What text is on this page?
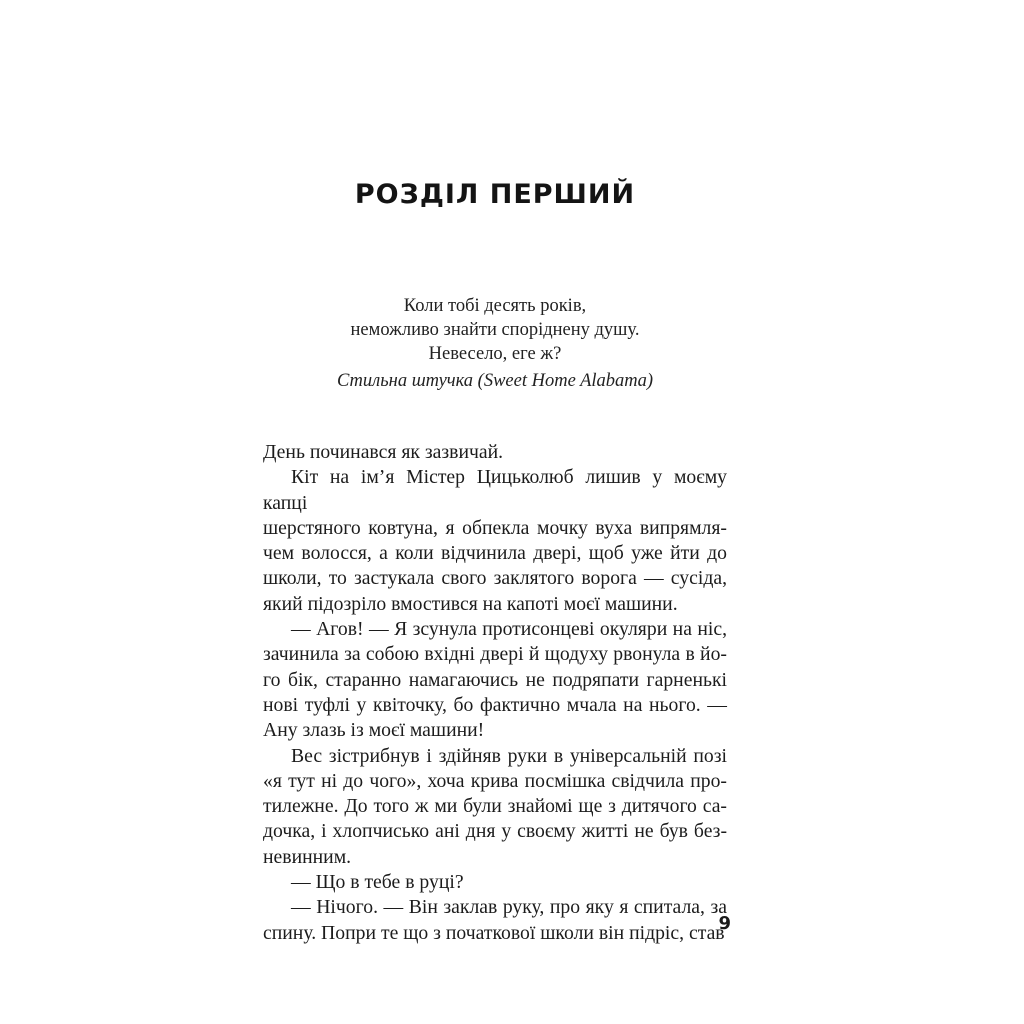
РОЗДІЛ ПЕРШИЙ
Коли тобі десять років,
неможливо знайти споріднену душу.
Невесело, еге ж?
Стильна штучка (Sweet Home Alabama)
День починався як зазвичай.
Кіт на ім’я Містер Цицьколюб лишив у моєму капці
шерстяного ковтуна, я обпекла мочку вуха випрямля-
чем волосся, а коли відчинила двері, щоб уже йти до
школи, то застукала свого заклятого ворога — сусіда,
який підозріло вмостився на капоті моєї машини.
— Агов! — Я зсунула протисонцеві окуляри на ніс,
зачинила за собою вхідні двері й щодуху рвонула в йо-
го бік, старанно намагаючись не подряпати гарненькі
нові туфлі у квіточку, бо фактично мчала на нього. —
Ану злазь із моєї машини!
Вес зістрибнув і здійняв руки в універсальній позі
«я тут ні до чого», хоча крива посмішка свідчила про-
тилежне. До того ж ми були знайомі ще з дитячого са-
дочка, і хлопчисько ані дня у своєму житті не був без-
невинним.
— Що в тебе в руці?
— Нічого. — Він заклав руку, про яку я спитала, за
спину. Попри те що з початкової школи він підріс, став
9
